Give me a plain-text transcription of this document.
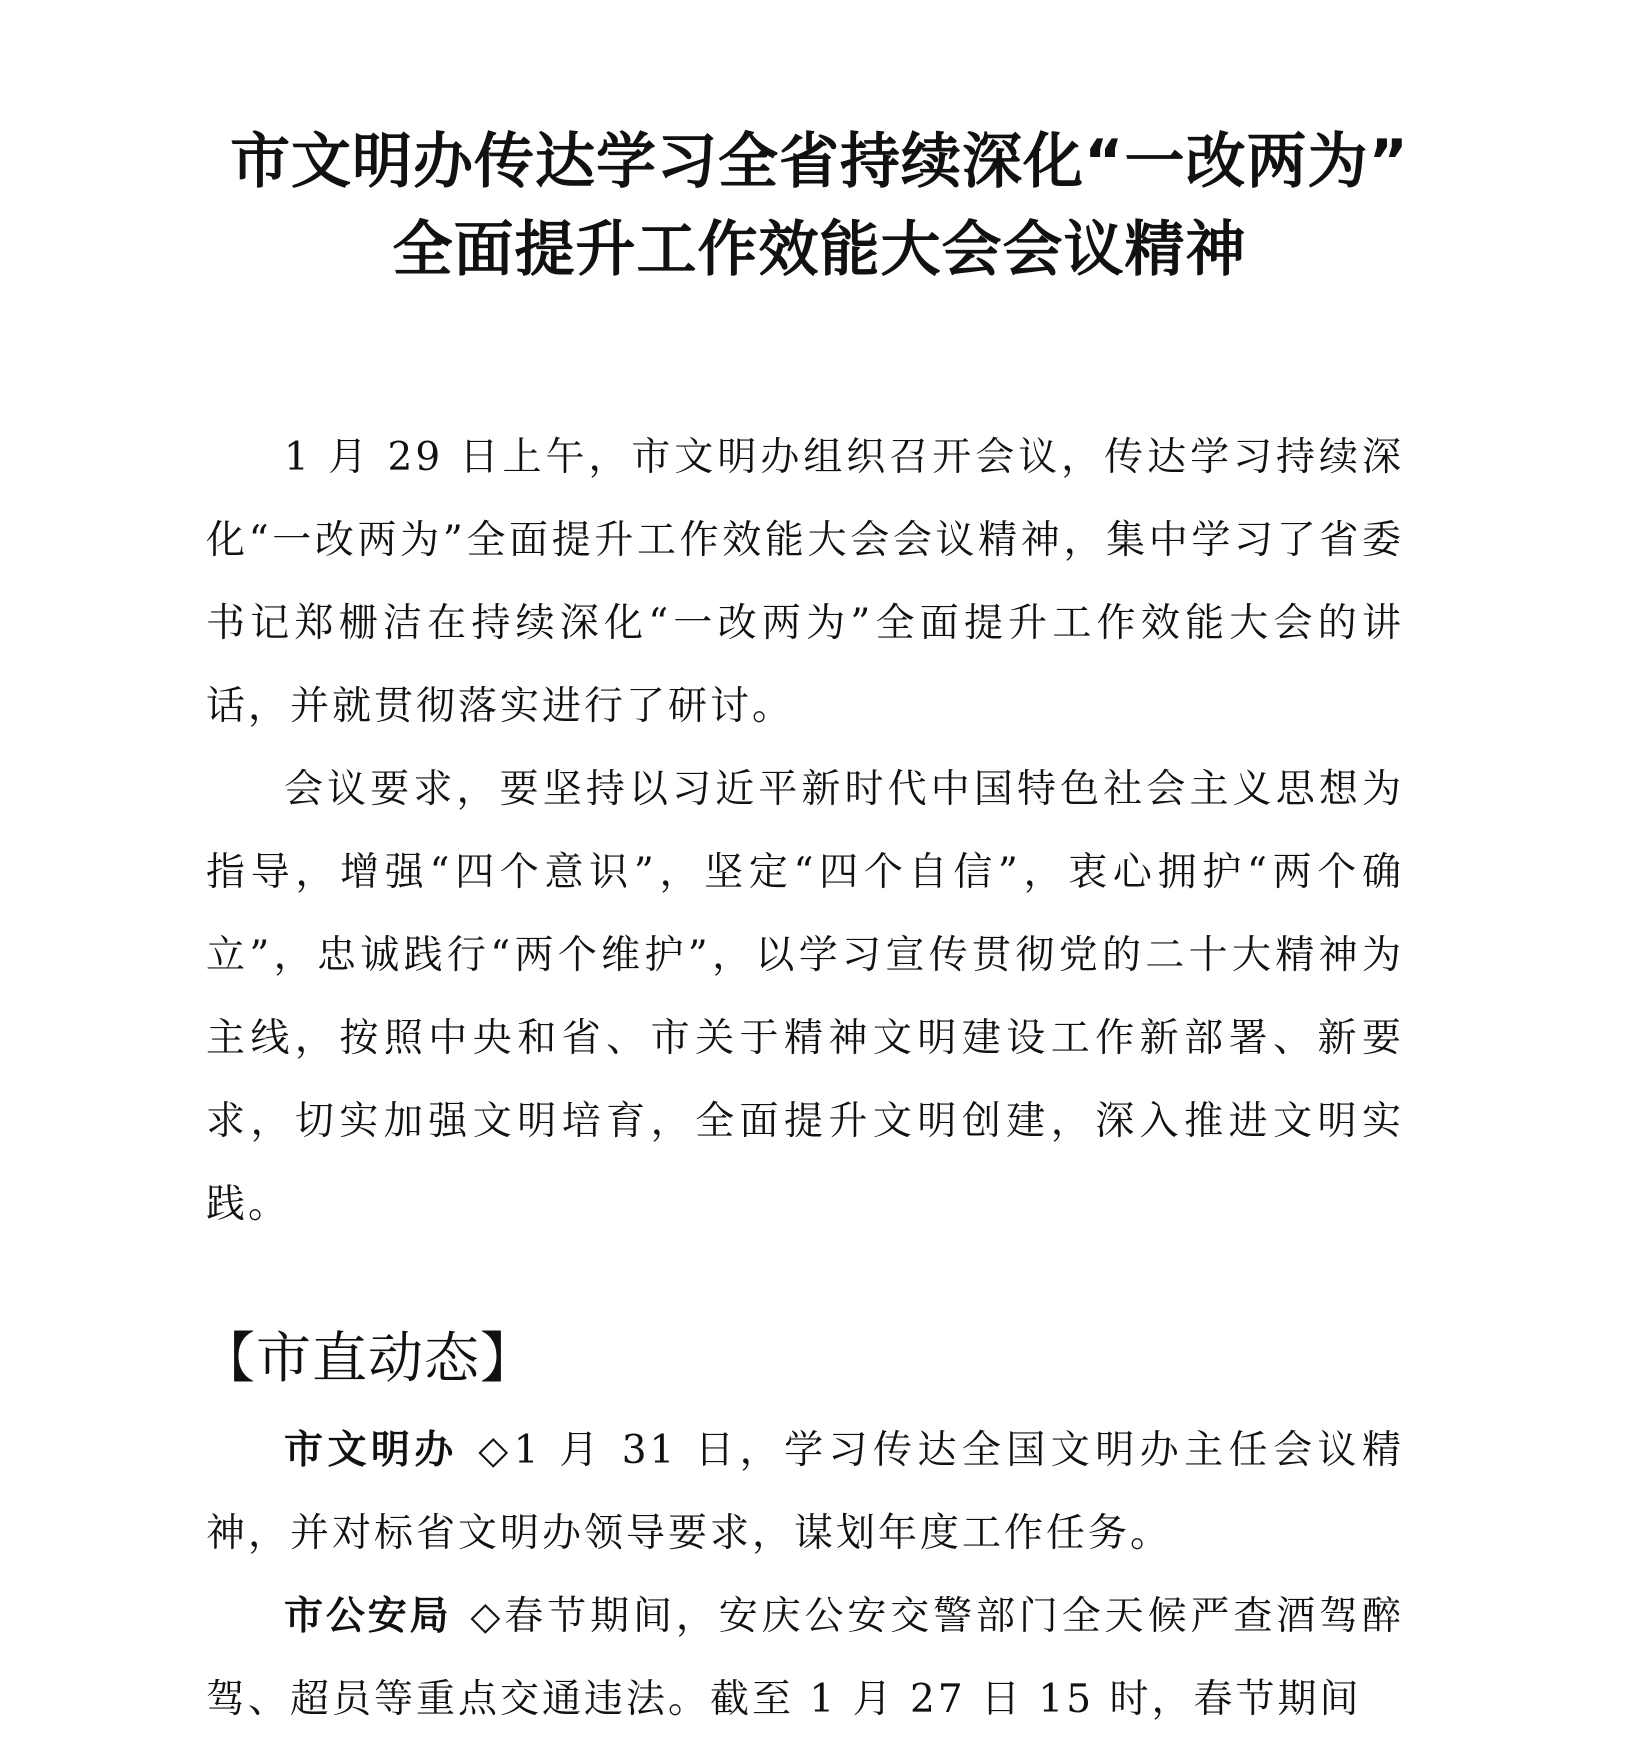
市文明办传达学习全省持续深化“一改两为”
全面提升工作效能大会会议精神

1 月 29 日上午，市文明办组织召开会议，传达学习持续深化“一改两为”全面提升工作效能大会会议精神，集中学习了省委书记郑栅洁在持续深化“一改两为”全面提升工作效能大会的讲话，并就贯彻落实进行了研讨。

会议要求，要坚持以习近平新时代中国特色社会主义思想为指导，增强“四个意识”，坚定“四个自信”，衷心拥护“两个确立”，忠诚践行“两个维护”，以学习宣传贯彻党的二十大精神为主线，按照中央和省、市关于精神文明建设工作新部署、新要求，切实加强文明培育，全面提升文明创建，深入推进文明实践。

【市直动态】

市文明办 ◇1 月 31 日，学习传达全国文明办主任会议精神，并对标省文明办领导要求，谋划年度工作任务。

市公安局 ◇春节期间，安庆公安交警部门全天候严查酒驾醉驾、超员等重点交通违法。截至 1 月 27 日 15 时，春节期间
